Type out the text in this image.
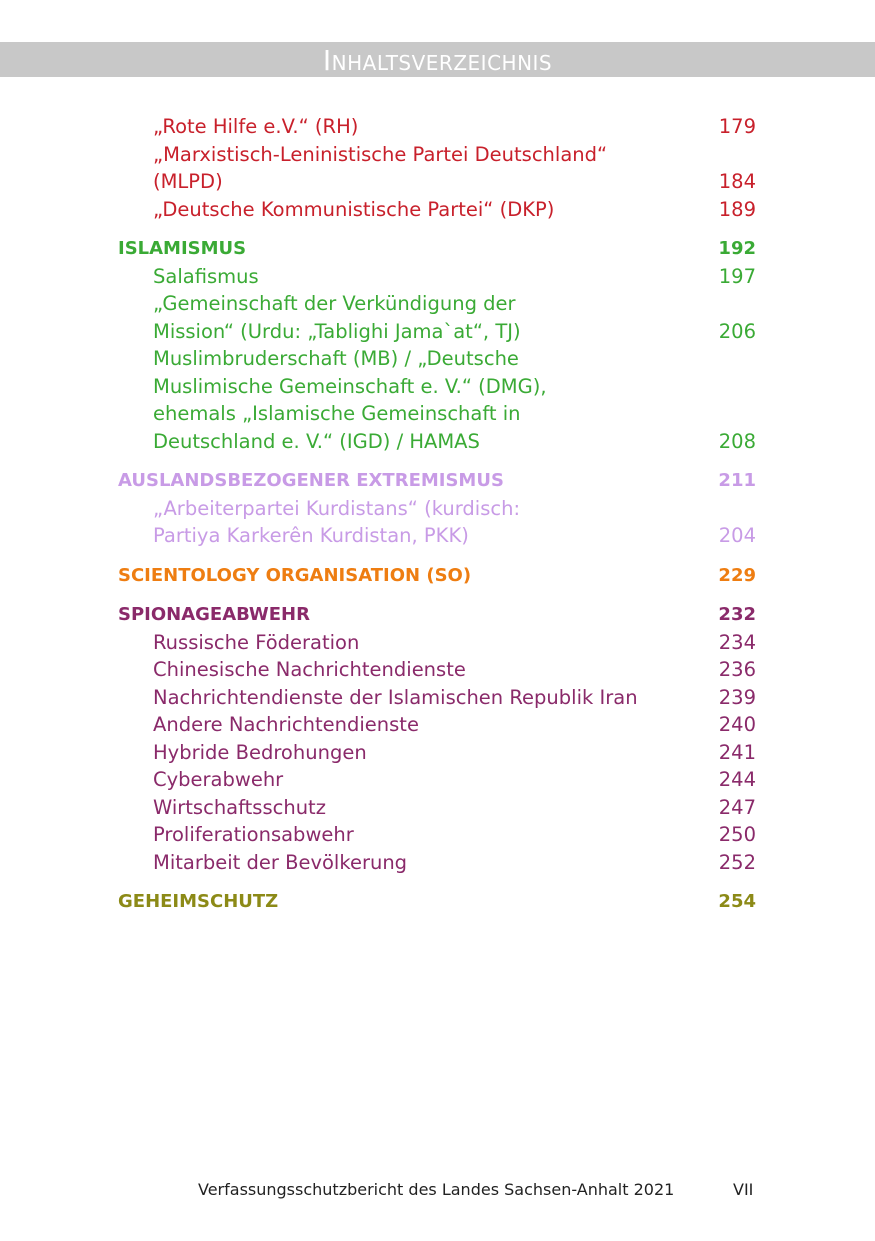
Inhaltsverzeichnis
„Rote Hilfe e.V.“ (RH)	179
„Marxistisch-Leninistische Partei Deutschland“
(MLPD)	184
„Deutsche Kommunistische Partei“ (DKP)	189
ISLAMISMUS	192
Salafismus	197
„Gemeinschaft der Verkündigung der
Mission“ (Urdu: „Tablighi Jama`at“, TJ)	206
Muslimbruderschaft (MB) / „Deutsche
Muslimische Gemeinschaft e. V.“ (DMG),
ehemals „Islamische Gemeinschaft in
Deutschland e. V.“ (IGD) / HAMAS	208
AUSLANDSBEZOGENER EXTREMISMUS	211
„Arbeiterpartei Kurdistans“ (kurdisch:
Partiya Karkerên Kurdistan, PKK)	204
SCIENTOLOGY ORGANISATION (SO)	229
SPIONAGEABWEHR	232
Russische Föderation	234
Chinesische Nachrichtendienste	236
Nachrichtendienste der Islamischen Republik Iran	239
Andere Nachrichtendienste	240
Hybride Bedrohungen	241
Cyberabwehr	244
Wirtschaftsschutz	247
Proliferationsabwehr	250
Mitarbeit der Bevölkerung	252
GEHEIMSCHUTZ	254
Verfassungsschutzbericht des Landes Sachsen-Anhalt 2021	VII
